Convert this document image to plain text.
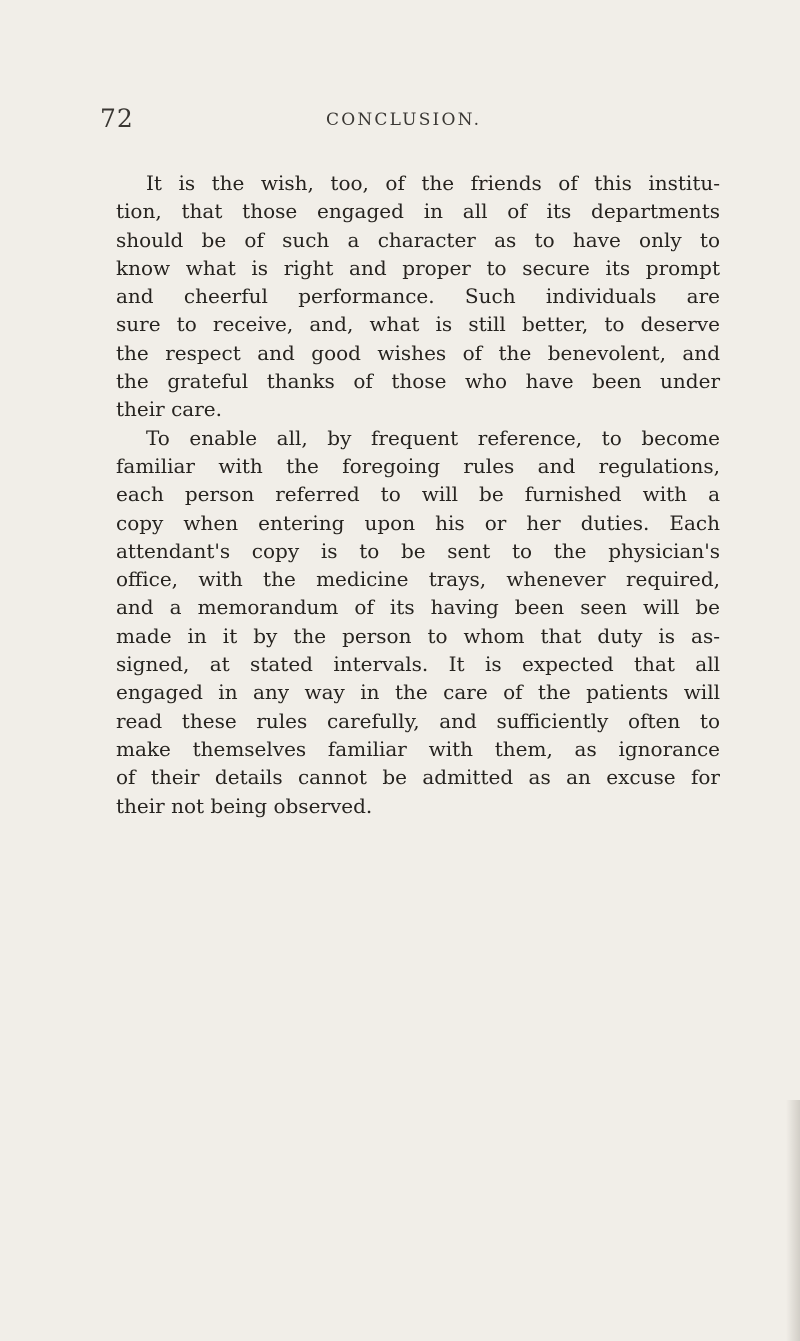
72	CONCLUSION.

It is the wish, too, of the friends of this institu-
tion, that those engaged in all of its departments
should be of such a character as to have only to
know what is right and proper to secure its prompt
and cheerful performance. Such individuals are
sure to receive, and, what is still better, to deserve
the respect and good wishes of the benevolent, and
the grateful thanks of those who have been under
their care.

To enable all, by frequent reference, to become
familiar with the foregoing rules and regulations,
each person referred to will be furnished with a
copy when entering upon his or her duties. Each
attendant's copy is to be sent to the physician's
office, with the medicine trays, whenever required,
and a memorandum of its having been seen will be
made in it by the person to whom that duty is as-
signed, at stated intervals. It is expected that all
engaged in any way in the care of the patients will
read these rules carefully, and sufficiently often to
make themselves familiar with them, as ignorance
of their details cannot be admitted as an excuse for
their not being observed.
